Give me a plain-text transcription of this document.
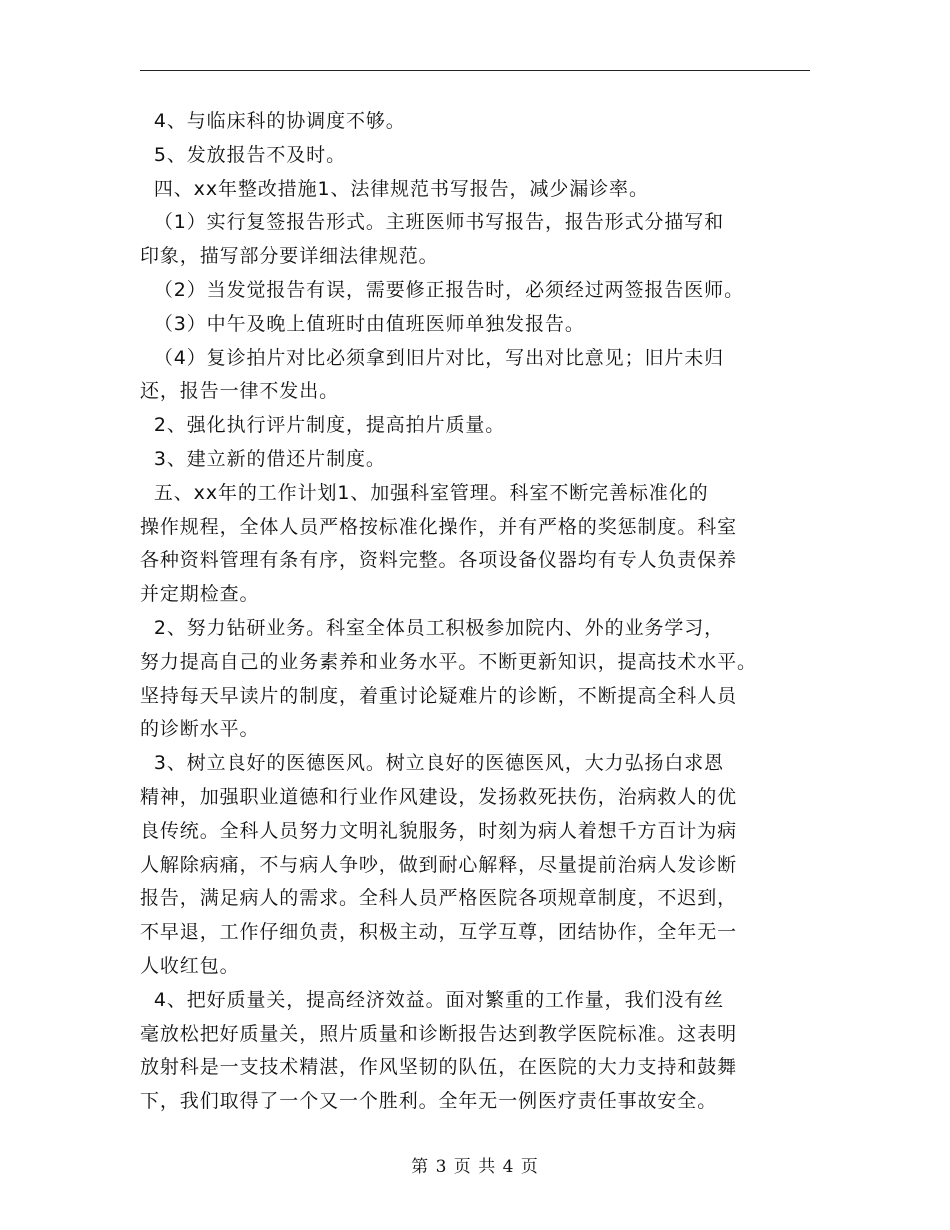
4、与临床科的协调度不够。
5、发放报告不及时。
四、xx年整改措施1、法律规范书写报告，减少漏诊率。
（1）实行复签报告形式。主班医师书写报告，报告形式分描写和
印象，描写部分要详细法律规范。
（2）当发觉报告有误，需要修正报告时，必须经过两签报告医师。
（3）中午及晚上值班时由值班医师单独发报告。
（4）复诊拍片对比必须拿到旧片对比，写出对比意见；旧片未归
还，报告一律不发出。
2、强化执行评片制度，提高拍片质量。
3、建立新的借还片制度。
五、xx年的工作计划1、加强科室管理。科室不断完善标准化的
操作规程，全体人员严格按标准化操作，并有严格的奖惩制度。科室
各种资料管理有条有序，资料完整。各项设备仪器均有专人负责保养
并定期检查。
2、努力钻研业务。科室全体员工积极参加院内、外的业务学习，
努力提高自己的业务素养和业务水平。不断更新知识，提高技术水平。
坚持每天早读片的制度，着重讨论疑难片的诊断，不断提高全科人员
的诊断水平。
3、树立良好的医德医风。树立良好的医德医风，大力弘扬白求恩
精神，加强职业道德和行业作风建设，发扬救死扶伤，治病救人的优
良传统。全科人员努力文明礼貌服务，时刻为病人着想千方百计为病
人解除病痛，不与病人争吵，做到耐心解释，尽量提前治病人发诊断
报告，满足病人的需求。全科人员严格医院各项规章制度，不迟到，
不早退，工作仔细负责，积极主动，互学互尊，团结协作，全年无一
人收红包。
4、把好质量关，提高经济效益。面对繁重的工作量，我们没有丝
毫放松把好质量关，照片质量和诊断报告达到教学医院标准。这表明
放射科是一支技术精湛，作风坚韧的队伍，在医院的大力支持和鼓舞
下，我们取得了一个又一个胜利。全年无一例医疗责任事故安全。
第 3 页 共 4 页
